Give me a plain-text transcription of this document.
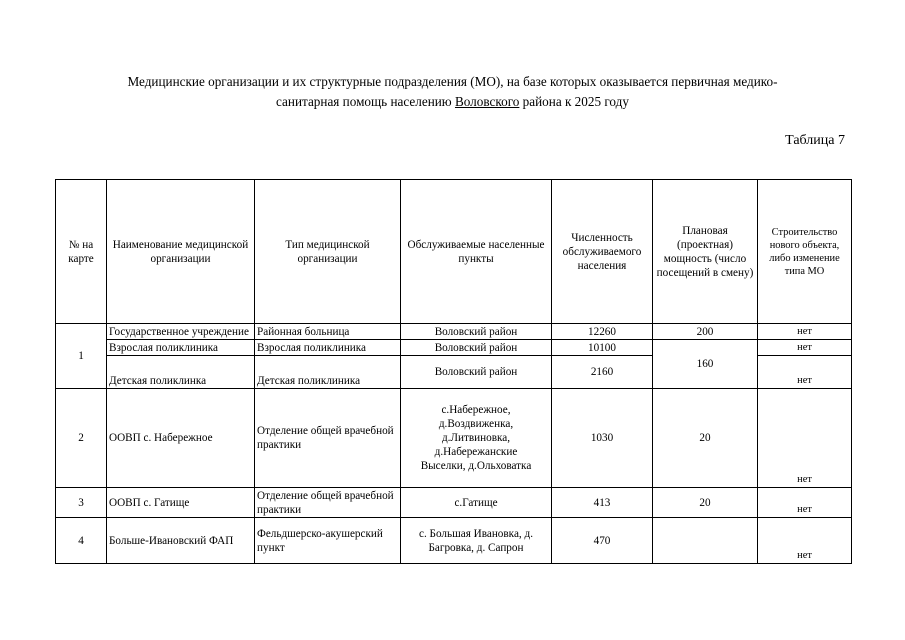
Медицинские организации и их структурные подразделения (МО), на базе которых оказывается первичная медико-
санитарная помощь населению Воловского района к 2025 году
Таблица 7
№ на карте	Наименование медицинской организации	Тип медицинской организации	Обслуживаемые населенные пункты	Численность обслуживаемого населения	Плановая (проектная) мощность (число посещений в смену)	Строительство нового объекта, либо изменение типа МО
1	Государственное учреждение	Районная больница	Воловский район	12260	200	нет
	Взрослая поликлиника	Взрослая поликлиника	Воловский район	10100	160	нет
	Детская поликлинка	Детская поликлиника	Воловский район	2160		нет
2	ООВП с. Набережное	Отделение общей врачебной практики	с.Набережное, д.Воздвиженка, д.Литвиновка, д.Набережанские Выселки, д.Ольховатка	1030	20	нет
3	ООВП с. Гатище	Отделение общей врачебной практики	с.Гатище	413	20	нет
4	Больше-Ивановский ФАП	Фельдшерско-акушерский пункт	с. Большая Ивановка, д. Багровка, д. Сапрон	470		нет
